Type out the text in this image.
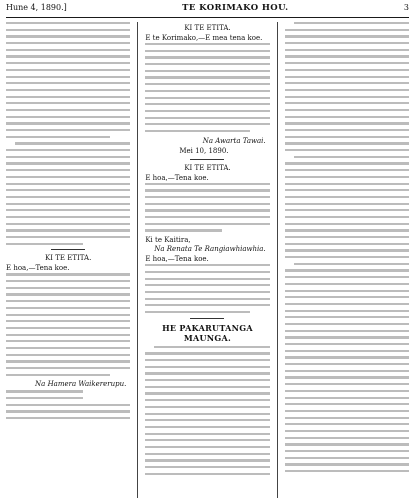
Hune 4, 1890.]	TE KORIMAKO HOU.	3
KI TE ETITA.
E hoa,—Tena koe.
Na Hamera Waikererupu.
KI TE ETITA.
E te Korimako,—E mea tena koe.
Na Awarta Tawai.
Mei 10, 1890.
KI TE ETITA.
E hoa,—Tena koe.
Ki te Kaitira,
Na Renata Te Rangiawhiawhia.
E hoa,—Tena koe.
HE PAKARUTANGA MAUNGA.
